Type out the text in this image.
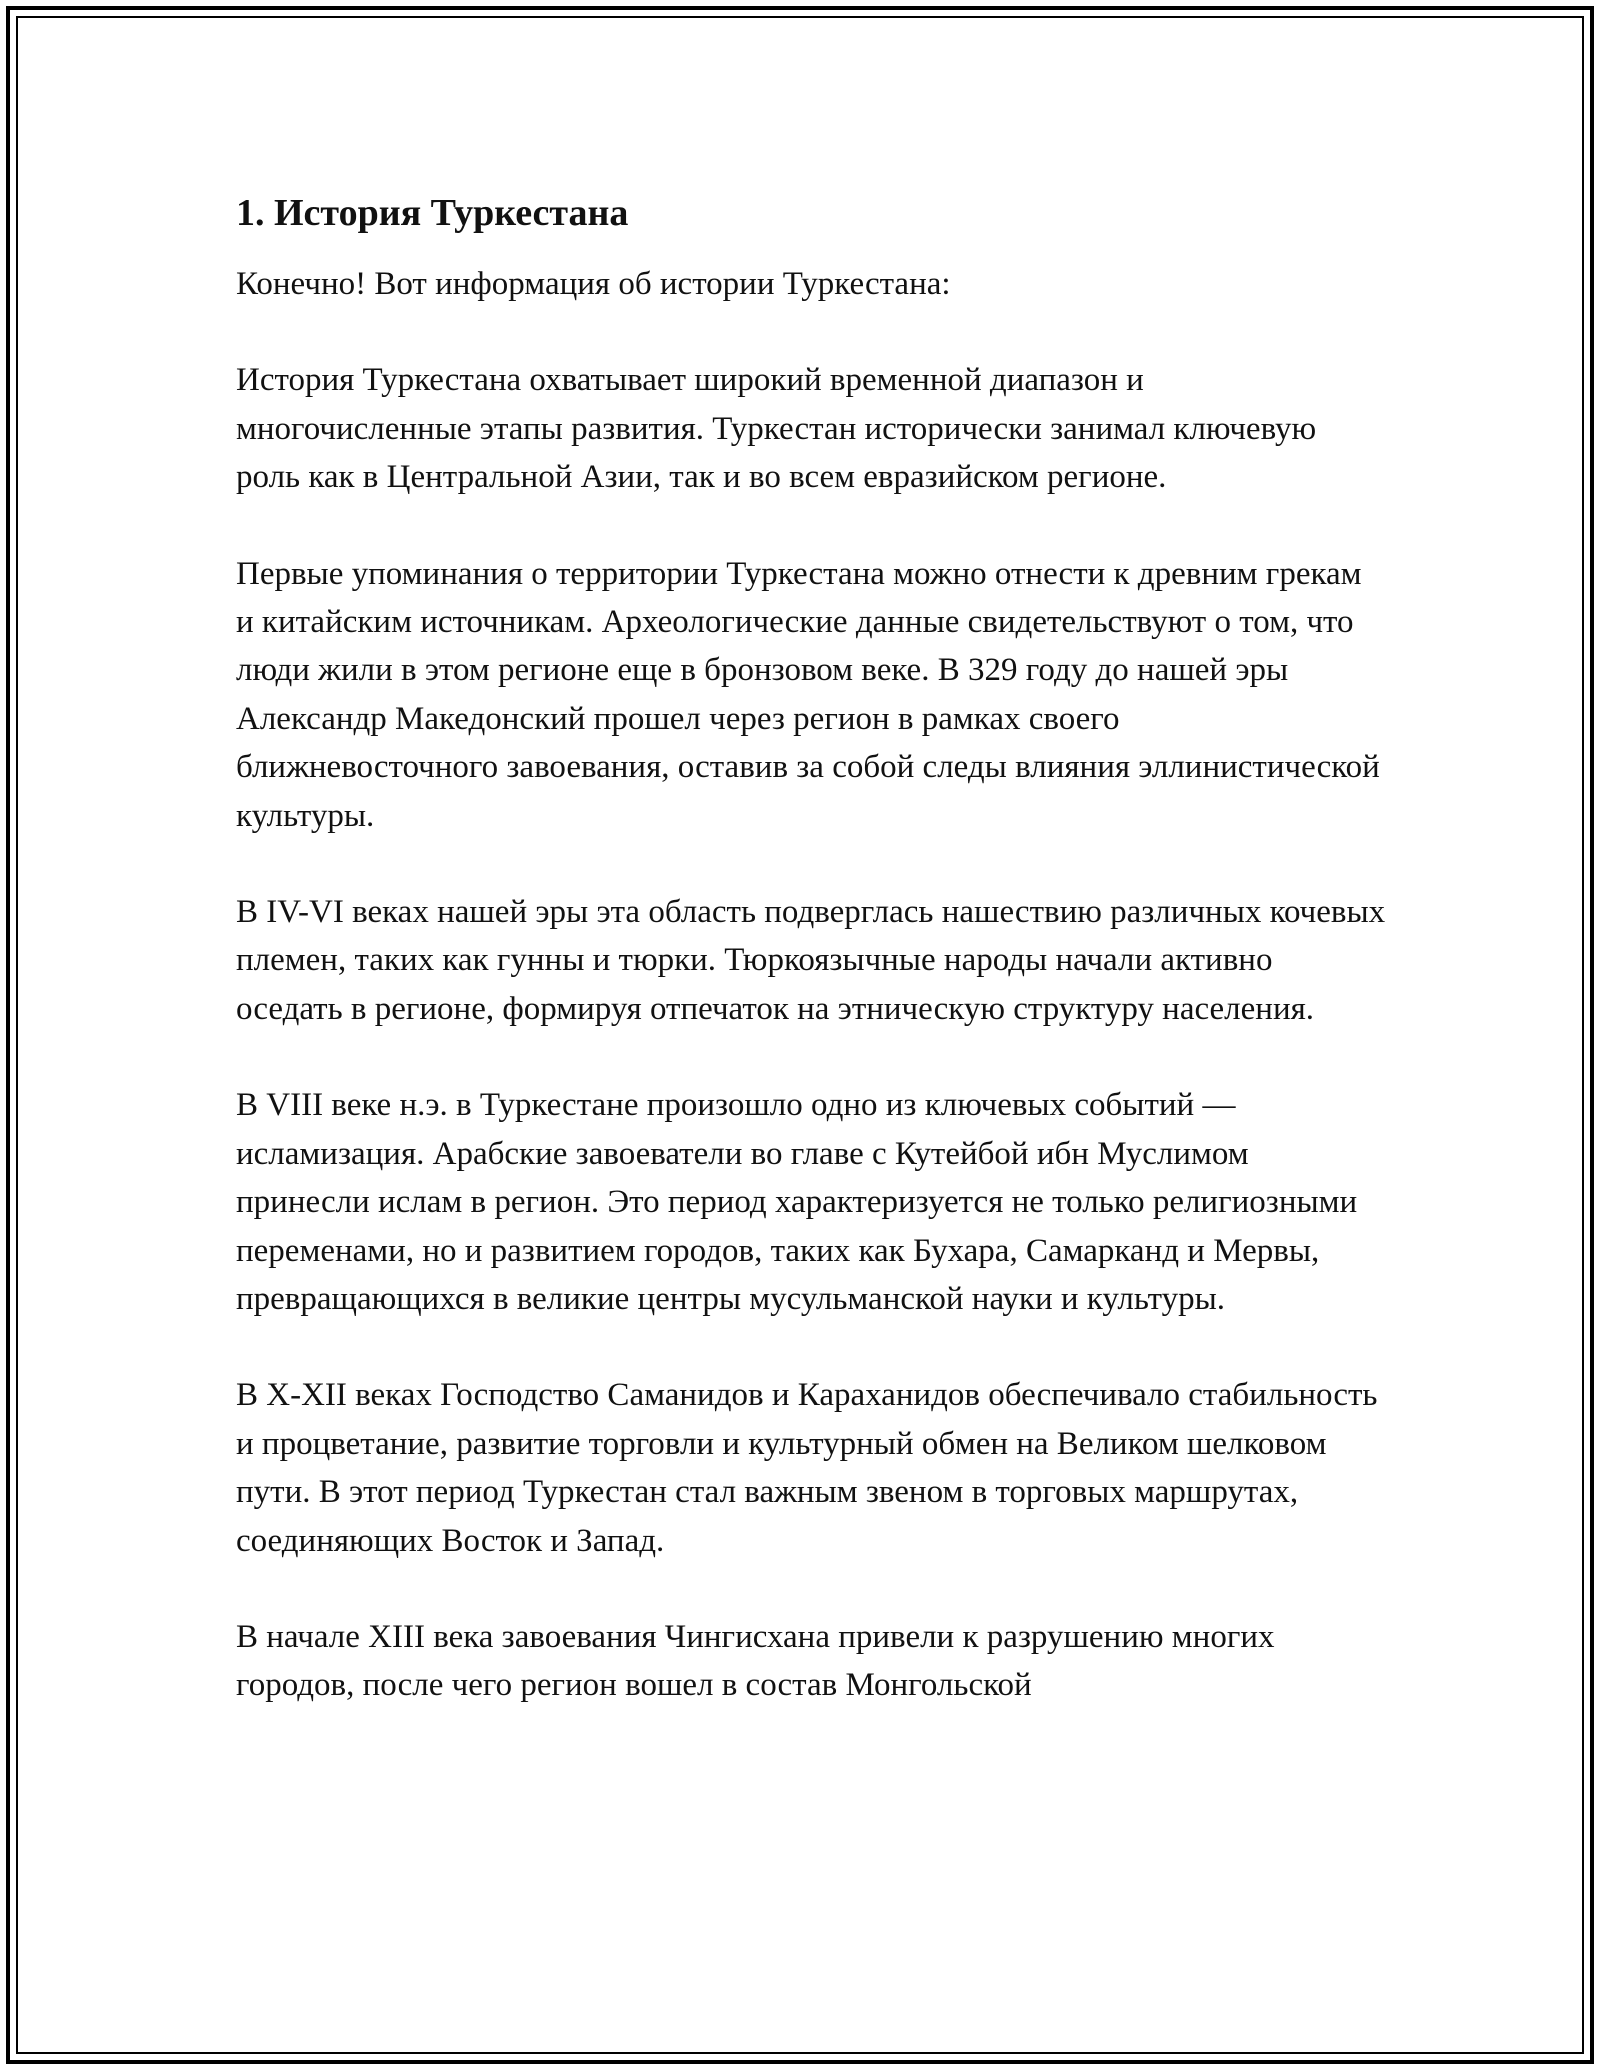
1. История Туркестана

Конечно! Вот информация об истории Туркестана:

История Туркестана охватывает широкий временной диапазон и многочисленные этапы развития. Туркестан исторически занимал ключевую роль как в Центральной Азии, так и во всем евразийском регионе.

Первые упоминания о территории Туркестана можно отнести к древним грекам и китайским источникам. Археологические данные свидетельствуют о том, что люди жили в этом регионе еще в бронзовом веке. В 329 году до нашей эры Александр Македонский прошел через регион в рамках своего ближневосточного завоевания, оставив за собой следы влияния эллинистической культуры.

В IV-VI веках нашей эры эта область подверглась нашествию различных кочевых племен, таких как гунны и тюрки. Тюркоязычные народы начали активно оседать в регионе, формируя отпечаток на этническую структуру населения.

В VIII веке н.э. в Туркестане произошло одно из ключевых событий — исламизация. Арабские завоеватели во главе с Кутейбой ибн Муслимом принесли ислам в регион. Это период характеризуется не только религиозными переменами, но и развитием городов, таких как Бухара, Самарканд и Мервы, превращающихся в великие центры мусульманской науки и культуры.

В X-XII веках Господство Саманидов и Караханидов обеспечивало стабильность и процветание, развитие торговли и культурный обмен на Великом шелковом пути. В этот период Туркестан стал важным звеном в торговых маршрутах, соединяющих Восток и Запад.

В начале XIII века завоевания Чингисхана привели к разрушению многих городов, после чего регион вошел в состав Монгольской
